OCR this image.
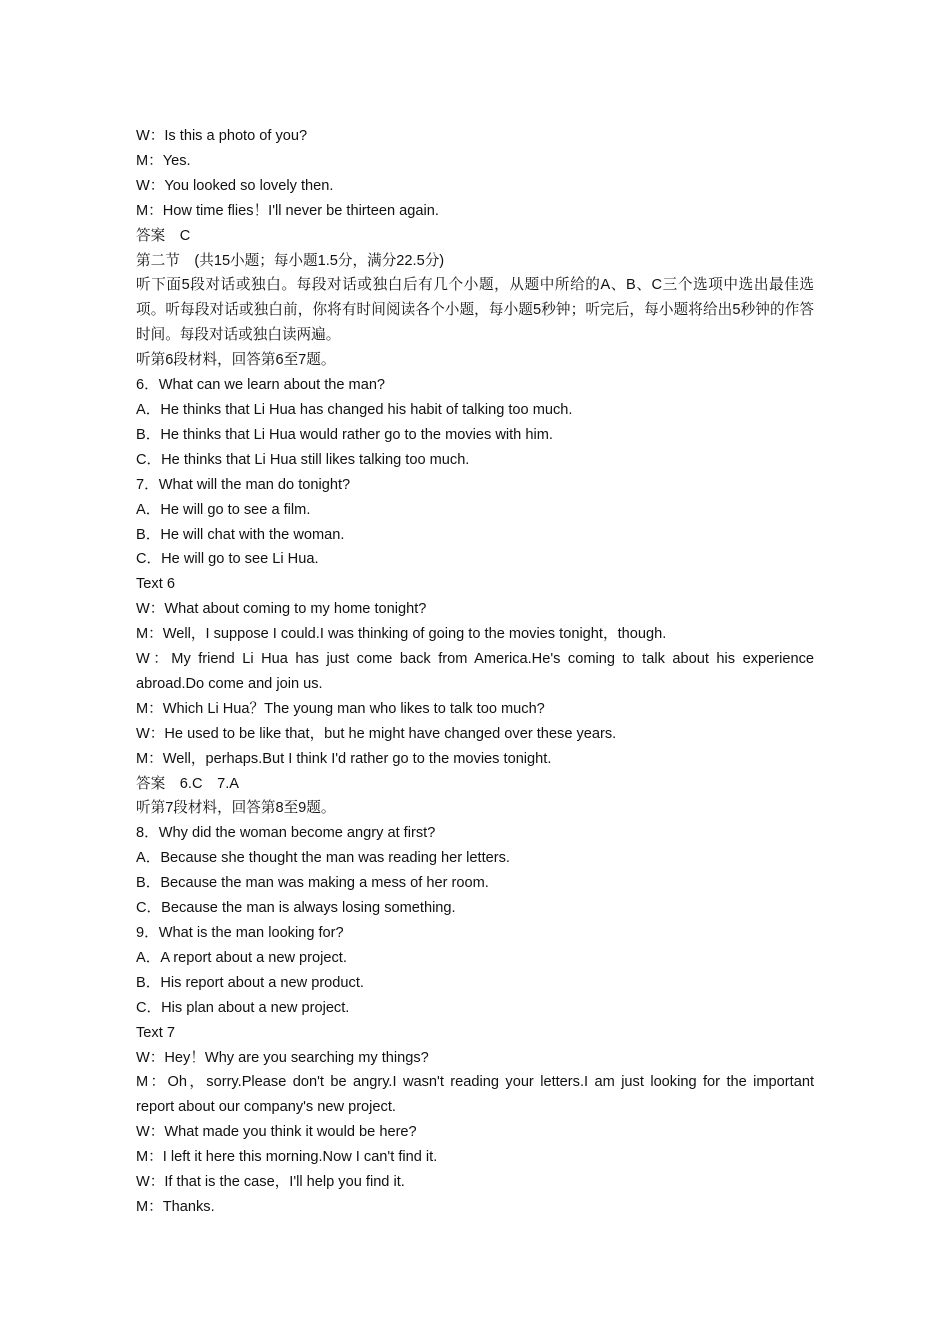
W：Is this a photo of you?
M：Yes.
W：You looked so lovely then.
M：How time flies！I'll never be thirteen again.
答案　C
第二节　(共15小题；每小题1.5分，满分22.5分)
听下面5段对话或独白。每段对话或独白后有几个小题，从题中所给的A、B、C三个选项中选出最佳选项。听每段对话或独白前，你将有时间阅读各个小题，每小题5秒钟；听完后，每小题将给出5秒钟的作答时间。每段对话或独白读两遍。
听第6段材料，回答第6至7题。
6．What can we learn about the man?
A．He thinks that Li Hua has changed his habit of talking too much.
B．He thinks that Li Hua would rather go to the movies with him.
C．He thinks that Li Hua still likes talking too much.
7．What will the man do tonight?
A．He will go to see a film.
B．He will chat with the woman.
C．He will go to see Li Hua.
Text 6
W：What about coming to my home tonight?
M：Well，I suppose I could.I was thinking of going to the movies tonight，though.
W：My friend Li Hua has just come back from America.He's coming to talk about his experience abroad.Do come and join us.
M：Which Li Hua？The young man who likes to talk too much?
W：He used to be like that，but he might have changed over these years.
M：Well，perhaps.But I think I'd rather go to the movies tonight.
答案　6.C　7.A
听第7段材料，回答第8至9题。
8．Why did the woman become angry at first?
A．Because she thought the man was reading her letters.
B．Because the man was making a mess of her room.
C．Because the man is always losing something.
9．What is the man looking for?
A．A report about a new project.
B．His report about a new product.
C．His plan about a new project.
Text 7
W：Hey！Why are you searching my things?
M：Oh，sorry.Please don't be angry.I wasn't reading your letters.I am just looking for the important report about our company's new project.
W：What made you think it would be here?
M：I left it here this morning.Now I can't find it.
W：If that is the case，I'll help you find it.
M：Thanks.
